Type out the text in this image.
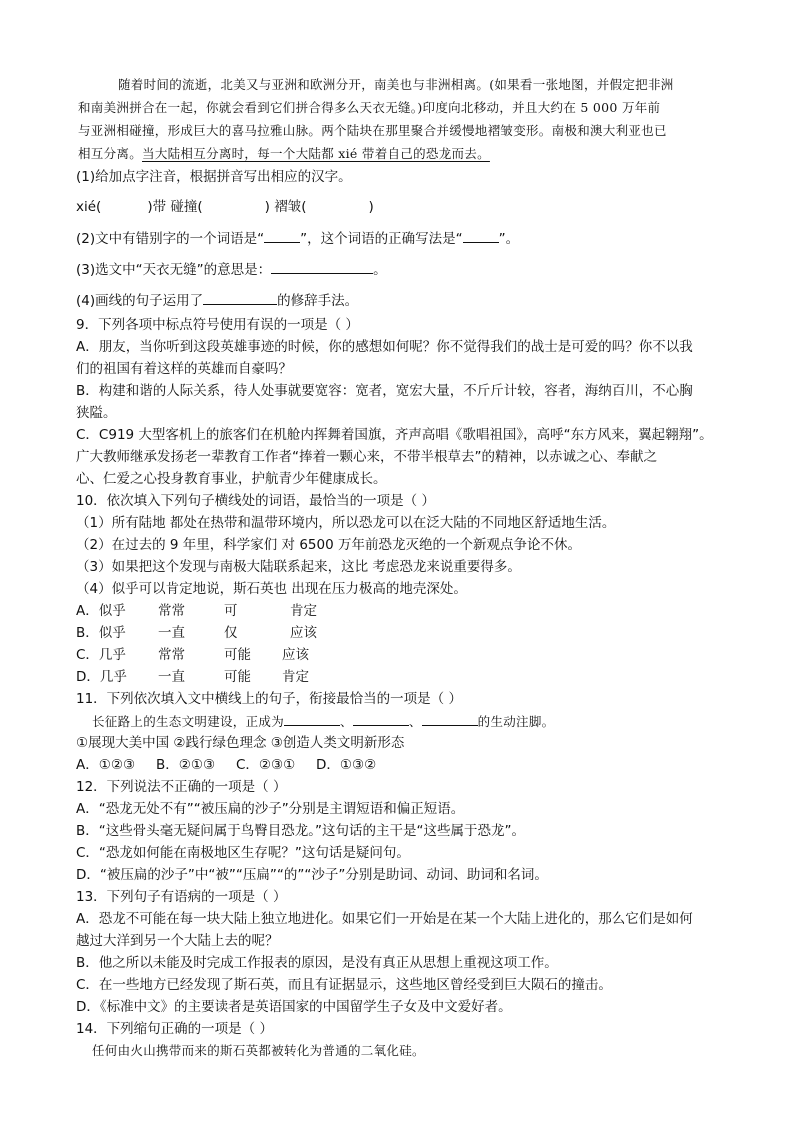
随着时间的流逝，北美又与亚洲和欧洲分开，南美也与非洲相离。(如果看一张地图，并假定把非洲
和南美洲拼合在一起，你就会看到它们拼合得多么天衣无缝。)印度向北移动，并且大约在 5 000 万年前
与亚洲相碰撞，形成巨大的喜马拉雅山脉。两个陆块在那里聚合并缓慢地褶皱变形。南极和澳大利亚也已
相互分离。当大陆相互分离时，每一个大陆都 xié 带着自己的恐龙而去。
(1)给加点字注音，根据拼音写出相应的汉字。
xié(	)带 碰撞(	) 褶皱(	)
(2)文中有错别字的一个词语是“	”，这个词语的正确写法是“	”。
(3)选文中“天衣无缝”的意思是：	。
(4)画线的句子运用了	的修辞手法。
9．下列各项中标点符号使用有误的一项是（ ）
A．朋友，当你听到这段英雄事迹的时候，你的感想如何呢？你不觉得我们的战士是可爱的吗？你不以我
们的祖国有着这样的英雄而自豪吗？
B．构建和谐的人际关系，待人处事就要宽容：宽者，宽宏大量，不斤斤计较，容者，海纳百川，不心胸
狭隘。
C．C919 大型客机上的旅客们在机舱内挥舞着国旗，齐声高唱《歌唱祖国》，高呼“东方风来，翼起翱翔”。
广大教师继承发扬老一辈教育工作者“捧着一颗心来，不带半根草去”的精神，以赤诚之心、奉献之
心、仁爱之心投身教育事业，护航青少年健康成长。
10．依次填入下列句子横线处的词语，最恰当的一项是（ ）
（1）所有陆地 都处在热带和温带环境内，所以恐龙可以在泛大陆的不同地区舒适地生活。
（2）在过去的 9 年里，科学家们 对 6500 万年前恐龙灭绝的一个新观点争论不休。
（3）如果把这个发现与南极大陆联系起来，这比 考虑恐龙来说重要得多。
（4）似乎可以肯定地说，斯石英也 出现在压力极高的地壳深处。
A．似乎 常常	可	肯定
B．似乎 一直	仅	应该
C．几乎 常常	可能 应该
D．几乎 一直	可能 肯定
11．下列依次填入文中横线上的句子，衔接最恰当的一项是（ ）
长征路上的生态文明建设，正成为	、	、	的生动注脚。
①展现大美中国 ②践行绿色理念 ③创造人类文明新形态
A．①②③ B．②①③ C．②③① D．①③②
12．下列说法不正确的一项是（ ）
A．“恐龙无处不有”“被压扁的沙子”分别是主谓短语和偏正短语。
B．“这些骨头毫无疑问属于鸟臀目恐龙。”这句话的主干是“这些属于恐龙”。
C．“恐龙如何能在南极地区生存呢？”这句话是疑问句。
D．“被压扁的沙子”中“被”“压扁”“的”“沙子”分别是助词、动词、助词和名词。
13．下列句子有语病的一项是（ ）
A．恐龙不可能在每一块大陆上独立地进化。如果它们一开始是在某一个大陆上进化的，那么它们是如何
越过大洋到另一个大陆上去的呢？
B．他之所以未能及时完成工作报表的原因，是没有真正从思想上重视这项工作。
C．在一些地方已经发现了斯石英，而且有证据显示，这些地区曾经受到巨大陨石的撞击。
D．《标准中文》的主要读者是英语国家的中国留学生子女及中文爱好者。
14．下列缩句正确的一项是（ ）
任何由火山携带而来的斯石英都被转化为普通的二氧化硅。
